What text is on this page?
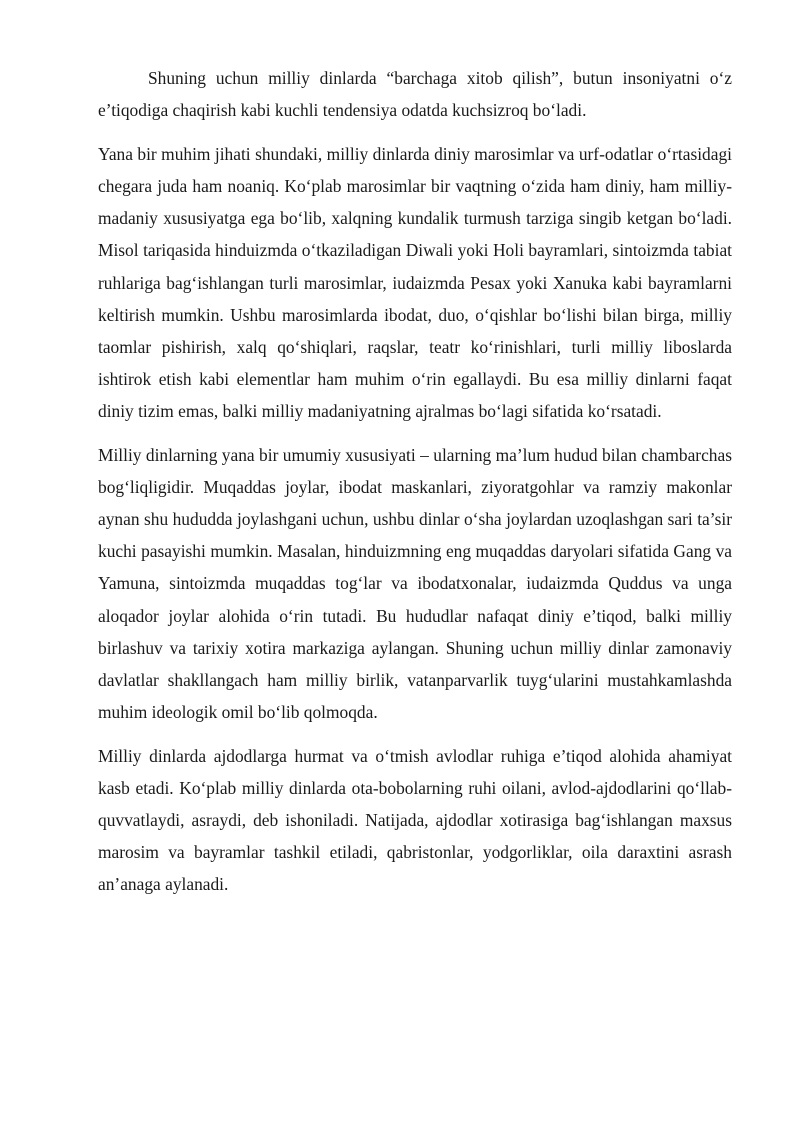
Shuning uchun milliy dinlarda “barchaga xitob qilish”, butun insoniyatni o‘z e’tiqodiga chaqirish kabi kuchli tendensiya odatda kuchsizroq bo‘ladi.

Yana bir muhim jihati shundaki, milliy dinlarda diniy marosimlar va urf-odatlar o‘rtasidagi chegara juda ham noaniq. Ko‘plab marosimlar bir vaqtning o‘zida ham diniy, ham milliy-madaniy xususiyatga ega bo‘lib, xalqning kundalik turmush tarziga singib ketgan bo‘ladi. Misol tariqasida hinduizmda o‘tkaziladigan Diwali yoki Holi bayramlari, sintoizmda tabiat ruhlariga bag‘ishlangan turli marosimlar, iudaizmda Pesax yoki Xanuka kabi bayramlarni keltirish mumkin. Ushbu marosimlarda ibodat, duo, o‘qishlar bo‘lishi bilan birga, milliy taomlar pishirish, xalq qo‘shiqlari, raqslar, teatr ko‘rinishlari, turli milliy liboslarda ishtirok etish kabi elementlar ham muhim o‘rin egallaydi. Bu esa milliy dinlarni faqat diniy tizim emas, balki milliy madaniyatning ajralmas bo‘lagi sifatida ko‘rsatadi.

Milliy dinlarning yana bir umumiy xususiyati – ularning ma’lum hudud bilan chambarchas bog‘liqligidir. Muqaddas joylar, ibodat maskanlari, ziyoratgohlar va ramziy makonlar aynan shu hududda joylashgani uchun, ushbu dinlar o‘sha joylardan uzoqlashgan sari ta’sir kuchi pasayishi mumkin. Masalan, hinduizmning eng muqaddas daryolari sifatida Gang va Yamuna, sintoizmda muqaddas tog‘lar va ibodatxonalar, iudaizmda Quddus va unga aloqador joylar alohida o‘rin tutadi. Bu hududlar nafaqat diniy e’tiqod, balki milliy birlashuv va tarixiy xotira markaziga aylangan. Shuning uchun milliy dinlar zamonaviy davlatlar shakllangach ham milliy birlik, vatanparvarlik tuyg‘ularini mustahkamlashda muhim ideologik omil bo‘lib qolmoqda.

Milliy dinlarda ajdodlarga hurmat va o‘tmish avlodlar ruhiga e’tiqod alohida ahamiyat kasb etadi. Ko‘plab milliy dinlarda ota-bobolarning ruhi oilani, avlod-ajdodlarini qo‘llab-quvvatlaydi, asraydi, deb ishoniladi. Natijada, ajdodlar xotirasiga bag‘ishlangan maxsus marosim va bayramlar tashkil etiladi, qabristonlar, yodgorliklar, oila daraxtini asrash an’anaga aylanadi.
